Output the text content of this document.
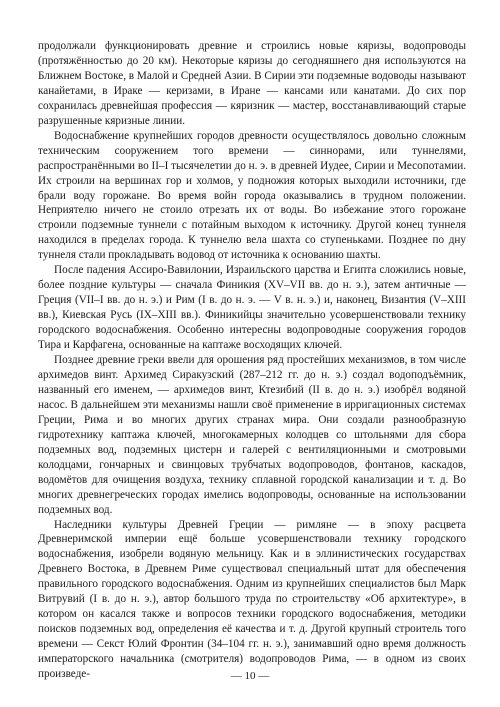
продолжали функционировать древние и строились новые кяризы, водопроводы (протяжённостью до 20 км). Некоторые кяризы до сегодняшнего дня используются на Ближнем Востоке, в Малой и Средней Азии. В Сирии эти подземные водоводы называют канайетами, в Ираке — керизами, в Иране — кансами или канатами. До сих пор сохранилась древнейшая профессия — кяризник — мастер, восстанавливающий старые разрушенные кяризные линии.

Водоснабжение крупнейших городов древности осуществлялось довольно сложным техническим сооружением того времени — синнорами, или туннелями, распространёнными во II–I тысячелетии до н. э. в древней Иудее, Сирии и Месопотамии. Их строили на вершинах гор и холмов, у подножия которых выходили источники, где брали воду горожане. Во время войн города оказывались в трудном положении. Неприятелю ничего не стоило отрезать их от воды. Во избежание этого горожане строили подземные туннели с потайным выходом к источнику. Другой конец туннеля находился в пределах города. К туннелю вела шахта со ступеньками. Позднее по дну туннеля стали прокладывать водовод от источника к основанию шахты.

После падения Ассиро-Вавилонии, Израильского царства и Египта сложились новые, более поздние культуры — сначала Финикия (XV–VII вв. до н. э.), затем античные — Греция (VII–I вв. до н. э.) и Рим (I в. до н. э. — V в. н. э.) и, наконец, Византия (V–XIII вв.), Киевская Русь (IX–XIII вв.). Финикийцы значительно усовершенствовали технику городского водоснабжения. Особенно интересны водопроводные сооружения городов Тира и Карфагена, основанные на каптаже восходящих ключей.

Позднее древние греки ввели для орошения ряд простейших механизмов, в том числе архимедов винт. Архимед Сиракузский (287–212 гг. до н. э.) создал водоподъёмник, названный его именем, — архимедов винт, Ктезибий (II в. до н. э.) изобрёл водяной насос. В дальнейшем эти механизмы нашли своё применение в ирригационных системах Греции, Рима и во многих других странах мира. Они создали разнообразную гидротехнику каптажа ключей, многокамерных колодцев со штольнями для сбора подземных вод, подземных цистерн и галерей с вентиляционными и смотровыми колодцами, гончарных и свинцовых трубчатых водопроводов, фонтанов, каскадов, водомётов для очищения воздуха, технику сплавной городской канализации и т. д. Во многих древнегреческих городах имелись водопроводы, основанные на использовании подземных вод.

Наследники культуры Древней Греции — римляне — в эпоху расцвета Древнеримской империи ещё больше усовершенствовали технику городского водоснабжения, изобрели водяную мельницу. Как и в эллинистических государствах Древнего Востока, в Древнем Риме существовал специальный штат для обеспечения правильного городского водоснабжения. Одним из крупнейших специалистов был Марк Витрувий (I в. до н. э.), автор большого труда по строительству «Об архитектуре», в котором он касался также и вопросов техники городского водоснабжения, методики поисков подземных вод, определения её качества и т. д. Другой крупный строитель того времени — Секст Юлий Фронтин (34–104 гг. н. э.), занимавший одно время должность императорского начальника (смотрителя) водопроводов Рима, — в одном из своих произведе-	— 10 —
